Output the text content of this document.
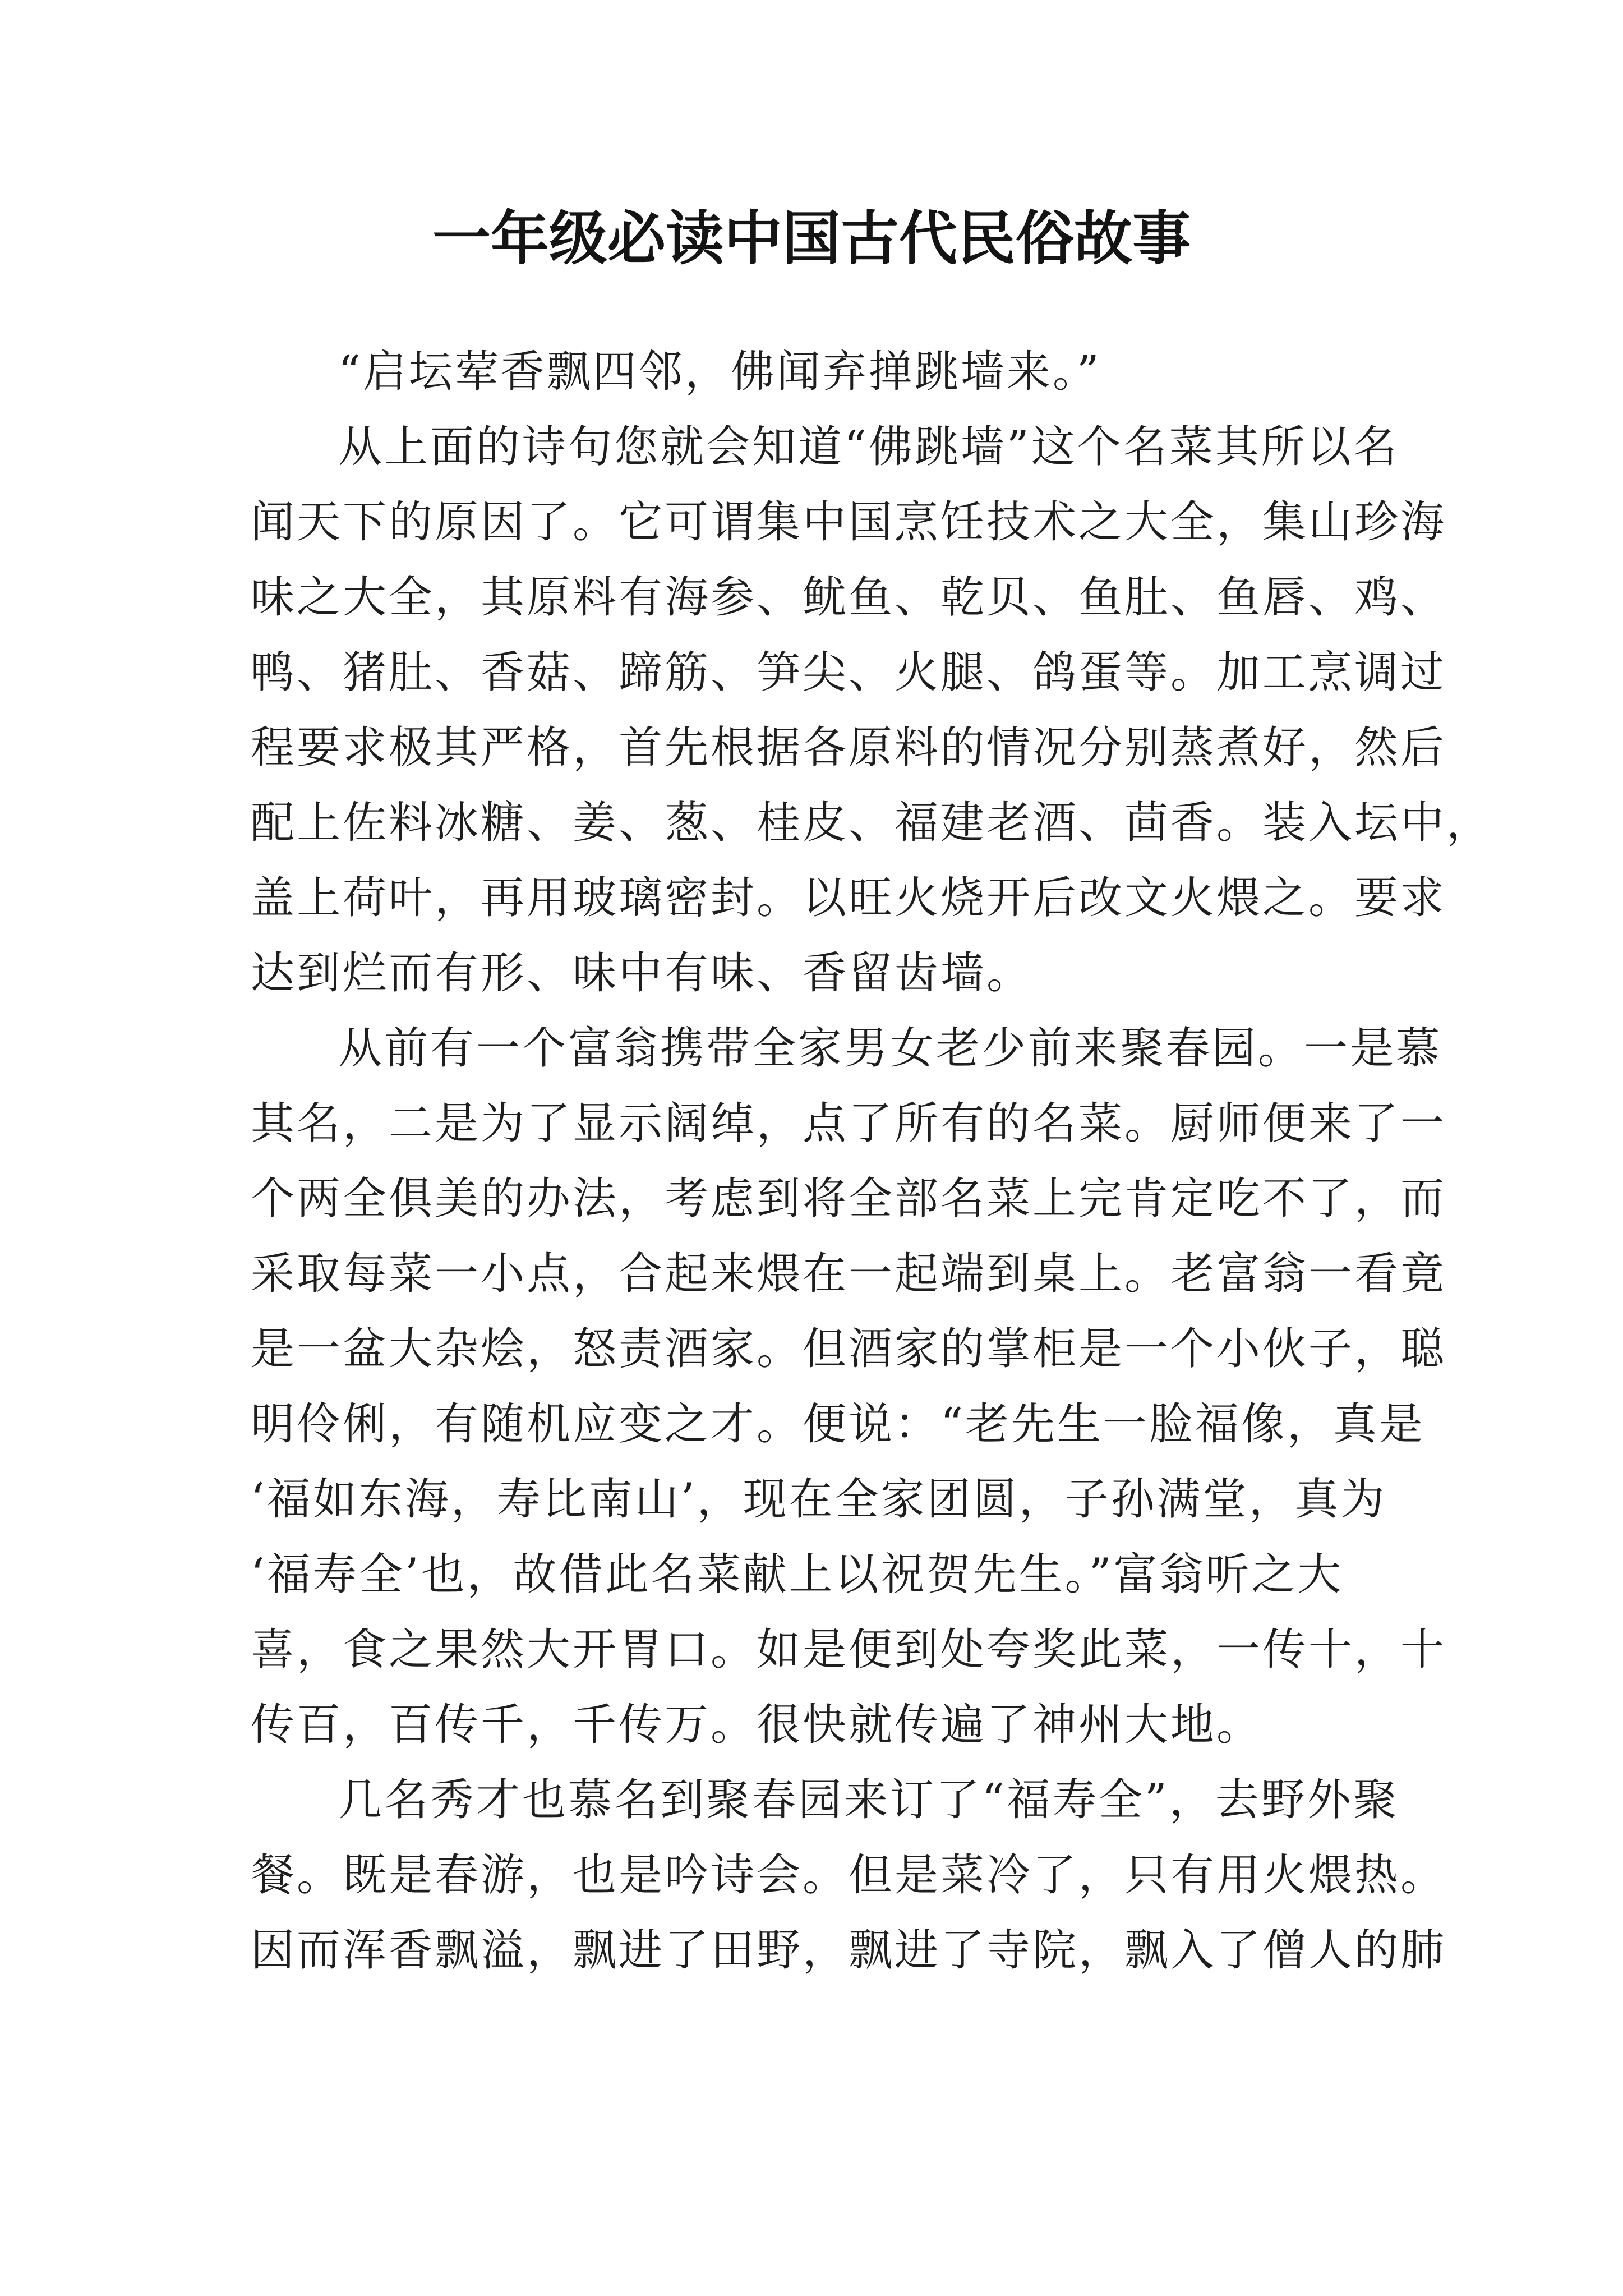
一年级必读中国古代民俗故事

“启坛荤香飘四邻，佛闻弃掸跳墙来。”

从上面的诗句您就会知道“佛跳墙”这个名菜其所以名
闻天下的原因了。它可谓集中国烹饪技术之大全，集山珍海
味之大全，其原料有海参、鱿鱼、乾贝、鱼肚、鱼唇、鸡、
鸭、猪肚、香菇、蹄筋、笋尖、火腿、鸽蛋等。加工烹调过
程要求极其严格，首先根据各原料的情况分别蒸煮好，然后
配上佐料冰糖、姜、葱、桂皮、福建老酒、茴香。装入坛中，
盖上荷叶，再用玻璃密封。以旺火烧开后改文火煨之。要求
达到烂而有形、味中有味、香留齿墙。

从前有一个富翁携带全家男女老少前来聚春园。一是慕
其名，二是为了显示阔绰，点了所有的名菜。厨师便来了一
个两全俱美的办法，考虑到将全部名菜上完肯定吃不了，而
采取每菜一小点，合起来煨在一起端到桌上。老富翁一看竟
是一盆大杂烩，怒责酒家。但酒家的掌柜是一个小伙子，聪
明伶俐，有随机应变之才。便说：“老先生一脸福像，真是
‘福如东海，寿比南山’，现在全家团圆，子孙满堂，真为
‘福寿全’也，故借此名菜献上以祝贺先生。”富翁听之大
喜，食之果然大开胃口。如是便到处夸奖此菜，一传十，十
传百，百传千，千传万。很快就传遍了神州大地。

几名秀才也慕名到聚春园来订了“福寿全”，去野外聚
餐。既是春游，也是吟诗会。但是菜冷了，只有用火煨热。
因而浑香飘溢，飘进了田野，飘进了寺院，飘入了僧人的肺
